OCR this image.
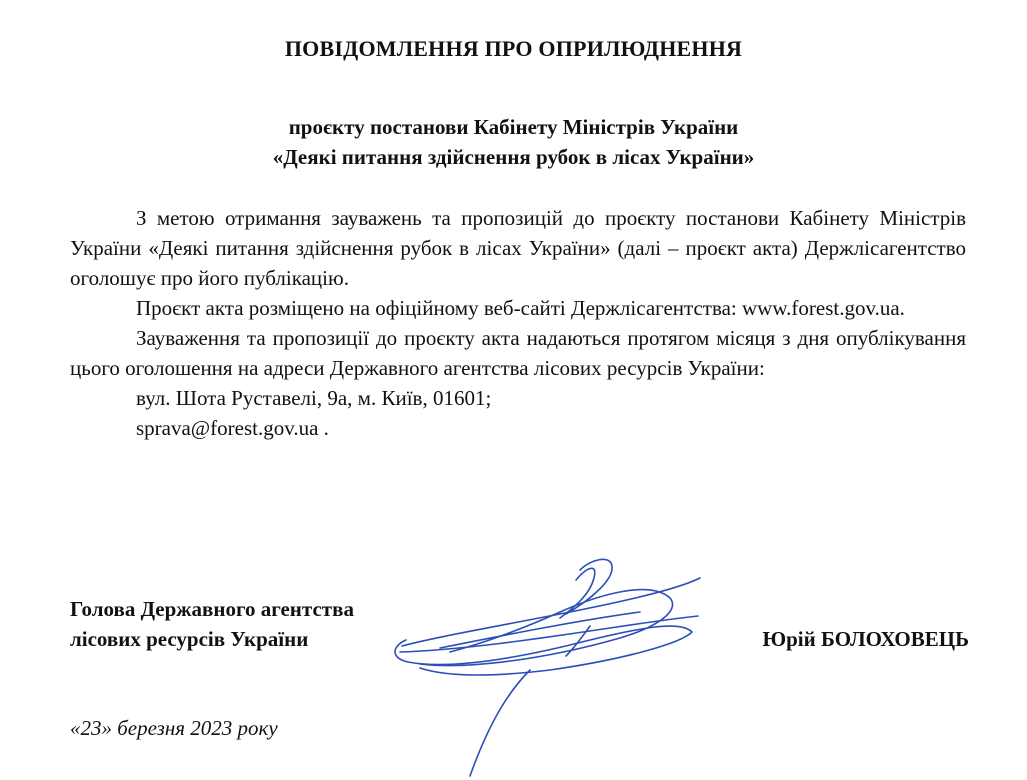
ПОВІДОМЛЕННЯ ПРО ОПРИЛЮДНЕННЯ
проєкту постанови Кабінету Міністрів України
«Деякі питання здійснення рубок в лісах України»

З метою отримання зауважень та пропозицій до проєкту постанови Кабінету Міністрів України «Деякі питання здійснення рубок в лісах України» (далі – проєкт акта) Держлісагентство оголошує про його публікацію.

Проєкт акта розміщено на офіційному веб-сайті Держлісагентства: www.forest.gov.ua.

Зауваження та пропозиції до проєкту акта надаються протягом місяця з дня опублікування цього оголошення на адреси Державного агентства лісових ресурсів України:

вул. Шота Руставелі, 9а, м. Київ, 01601;
sprava@forest.gov.ua .
Голова Державного агентства
лісових ресурсів України	Юрій БОЛОХОВЕЦЬ
«23» березня 2023 року
